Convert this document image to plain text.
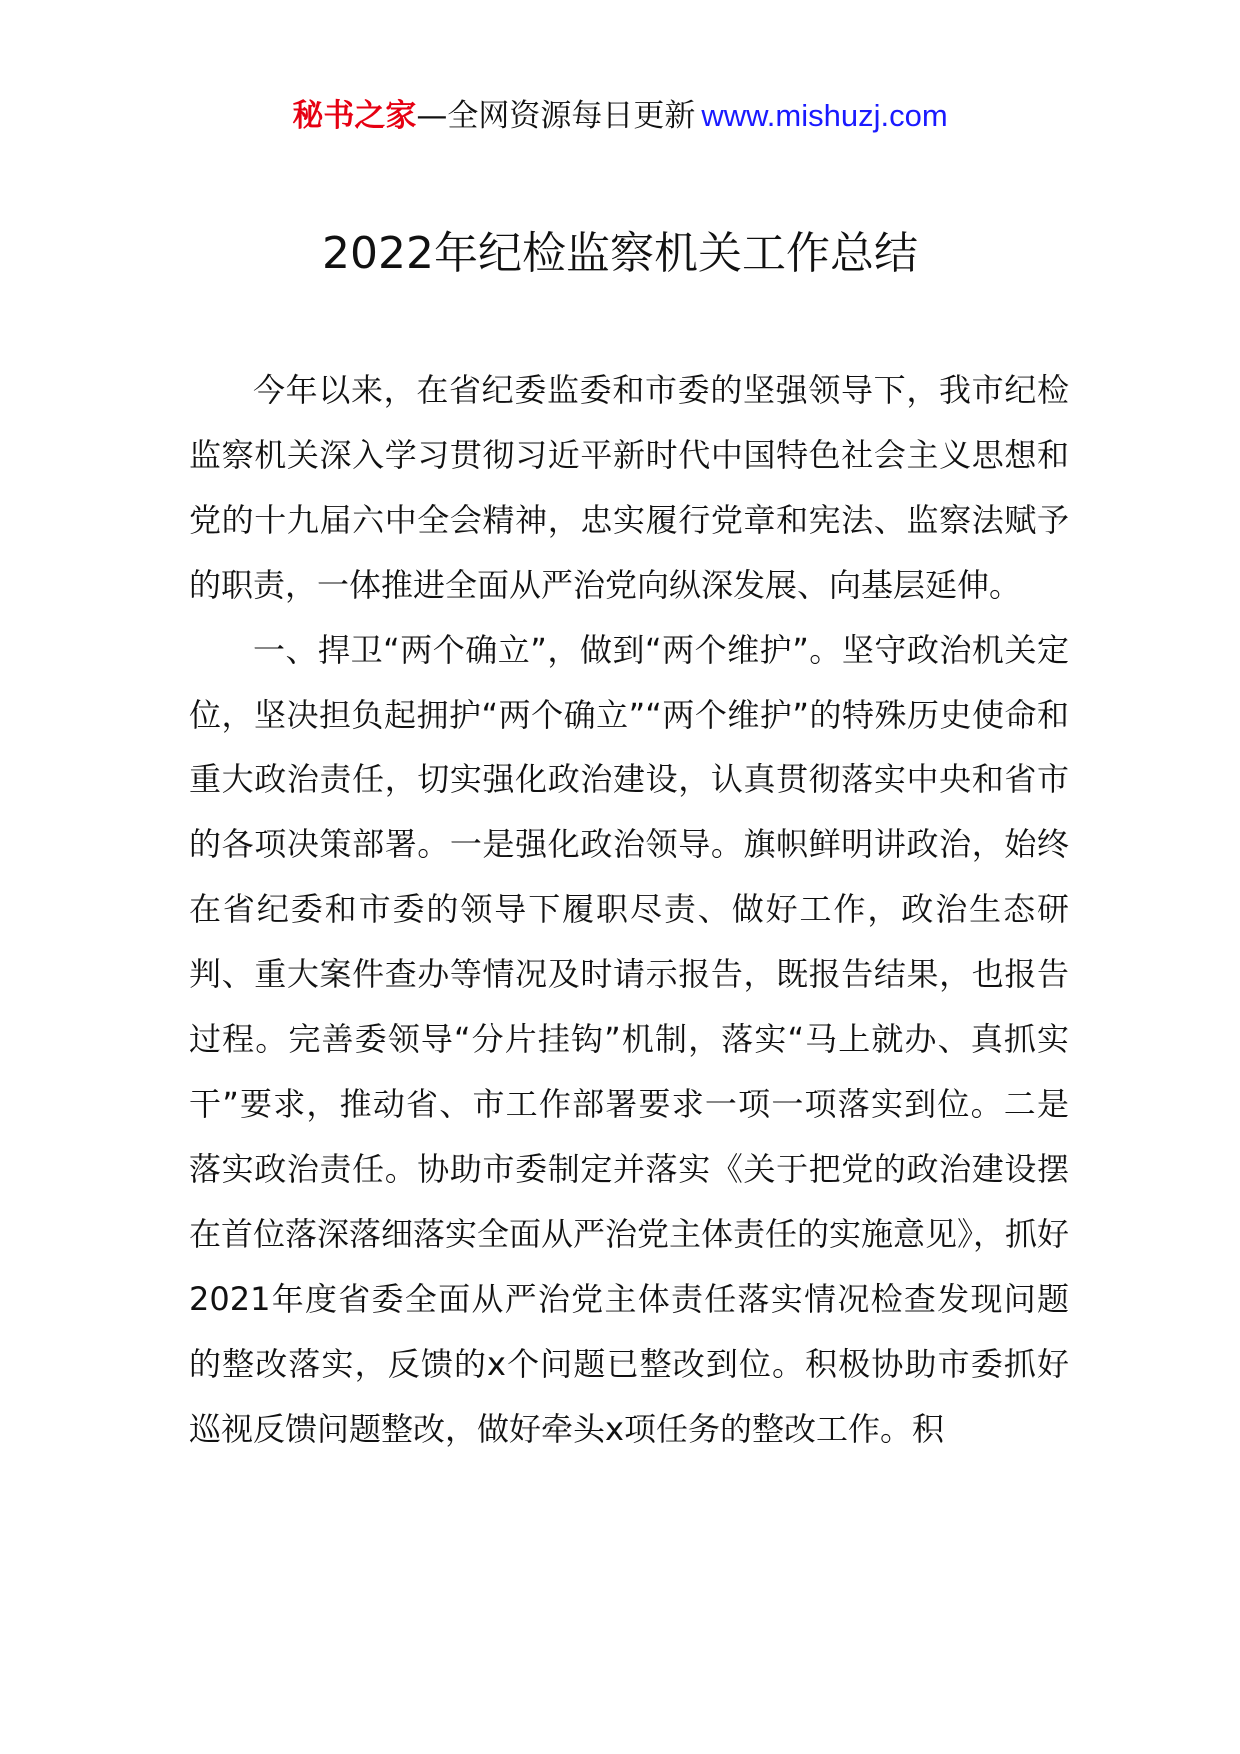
秘书之家—全网资源每日更新 www.mishuzj.com
2022年纪检监察机关工作总结

今年以来，在省纪委监委和市委的坚强领导下，我市纪检监察机关深入学习贯彻习近平新时代中国特色社会主义思想和党的十九届六中全会精神，忠实履行党章和宪法、监察法赋予的职责，一体推进全面从严治党向纵深发展、向基层延伸。

一、捍卫“两个确立”，做到“两个维护”。坚守政治机关定位，坚决担负起拥护“两个确立”“两个维护”的特殊历史使命和重大政治责任，切实强化政治建设，认真贯彻落实中央和省市的各项决策部署。一是强化政治领导。旗帜鲜明讲政治，始终在省纪委和市委的领导下履职尽责、做好工作，政治生态研判、重大案件查办等情况及时请示报告，既报告结果，也报告过程。完善委领导“分片挂钩”机制，落实“马上就办、真抓实干”要求，推动省、市工作部署要求一项一项落实到位。二是落实政治责任。协助市委制定并落实《关于把党的政治建设摆在首位落深落细落实全面从严治党主体责任的实施意见》，抓好2021年度省委全面从严治党主体责任落实情况检查发现问题的整改落实，反馈的x个问题已整改到位。积极协助市委抓好巡视反馈问题整改，做好牵头x项任务的整改工作。积
